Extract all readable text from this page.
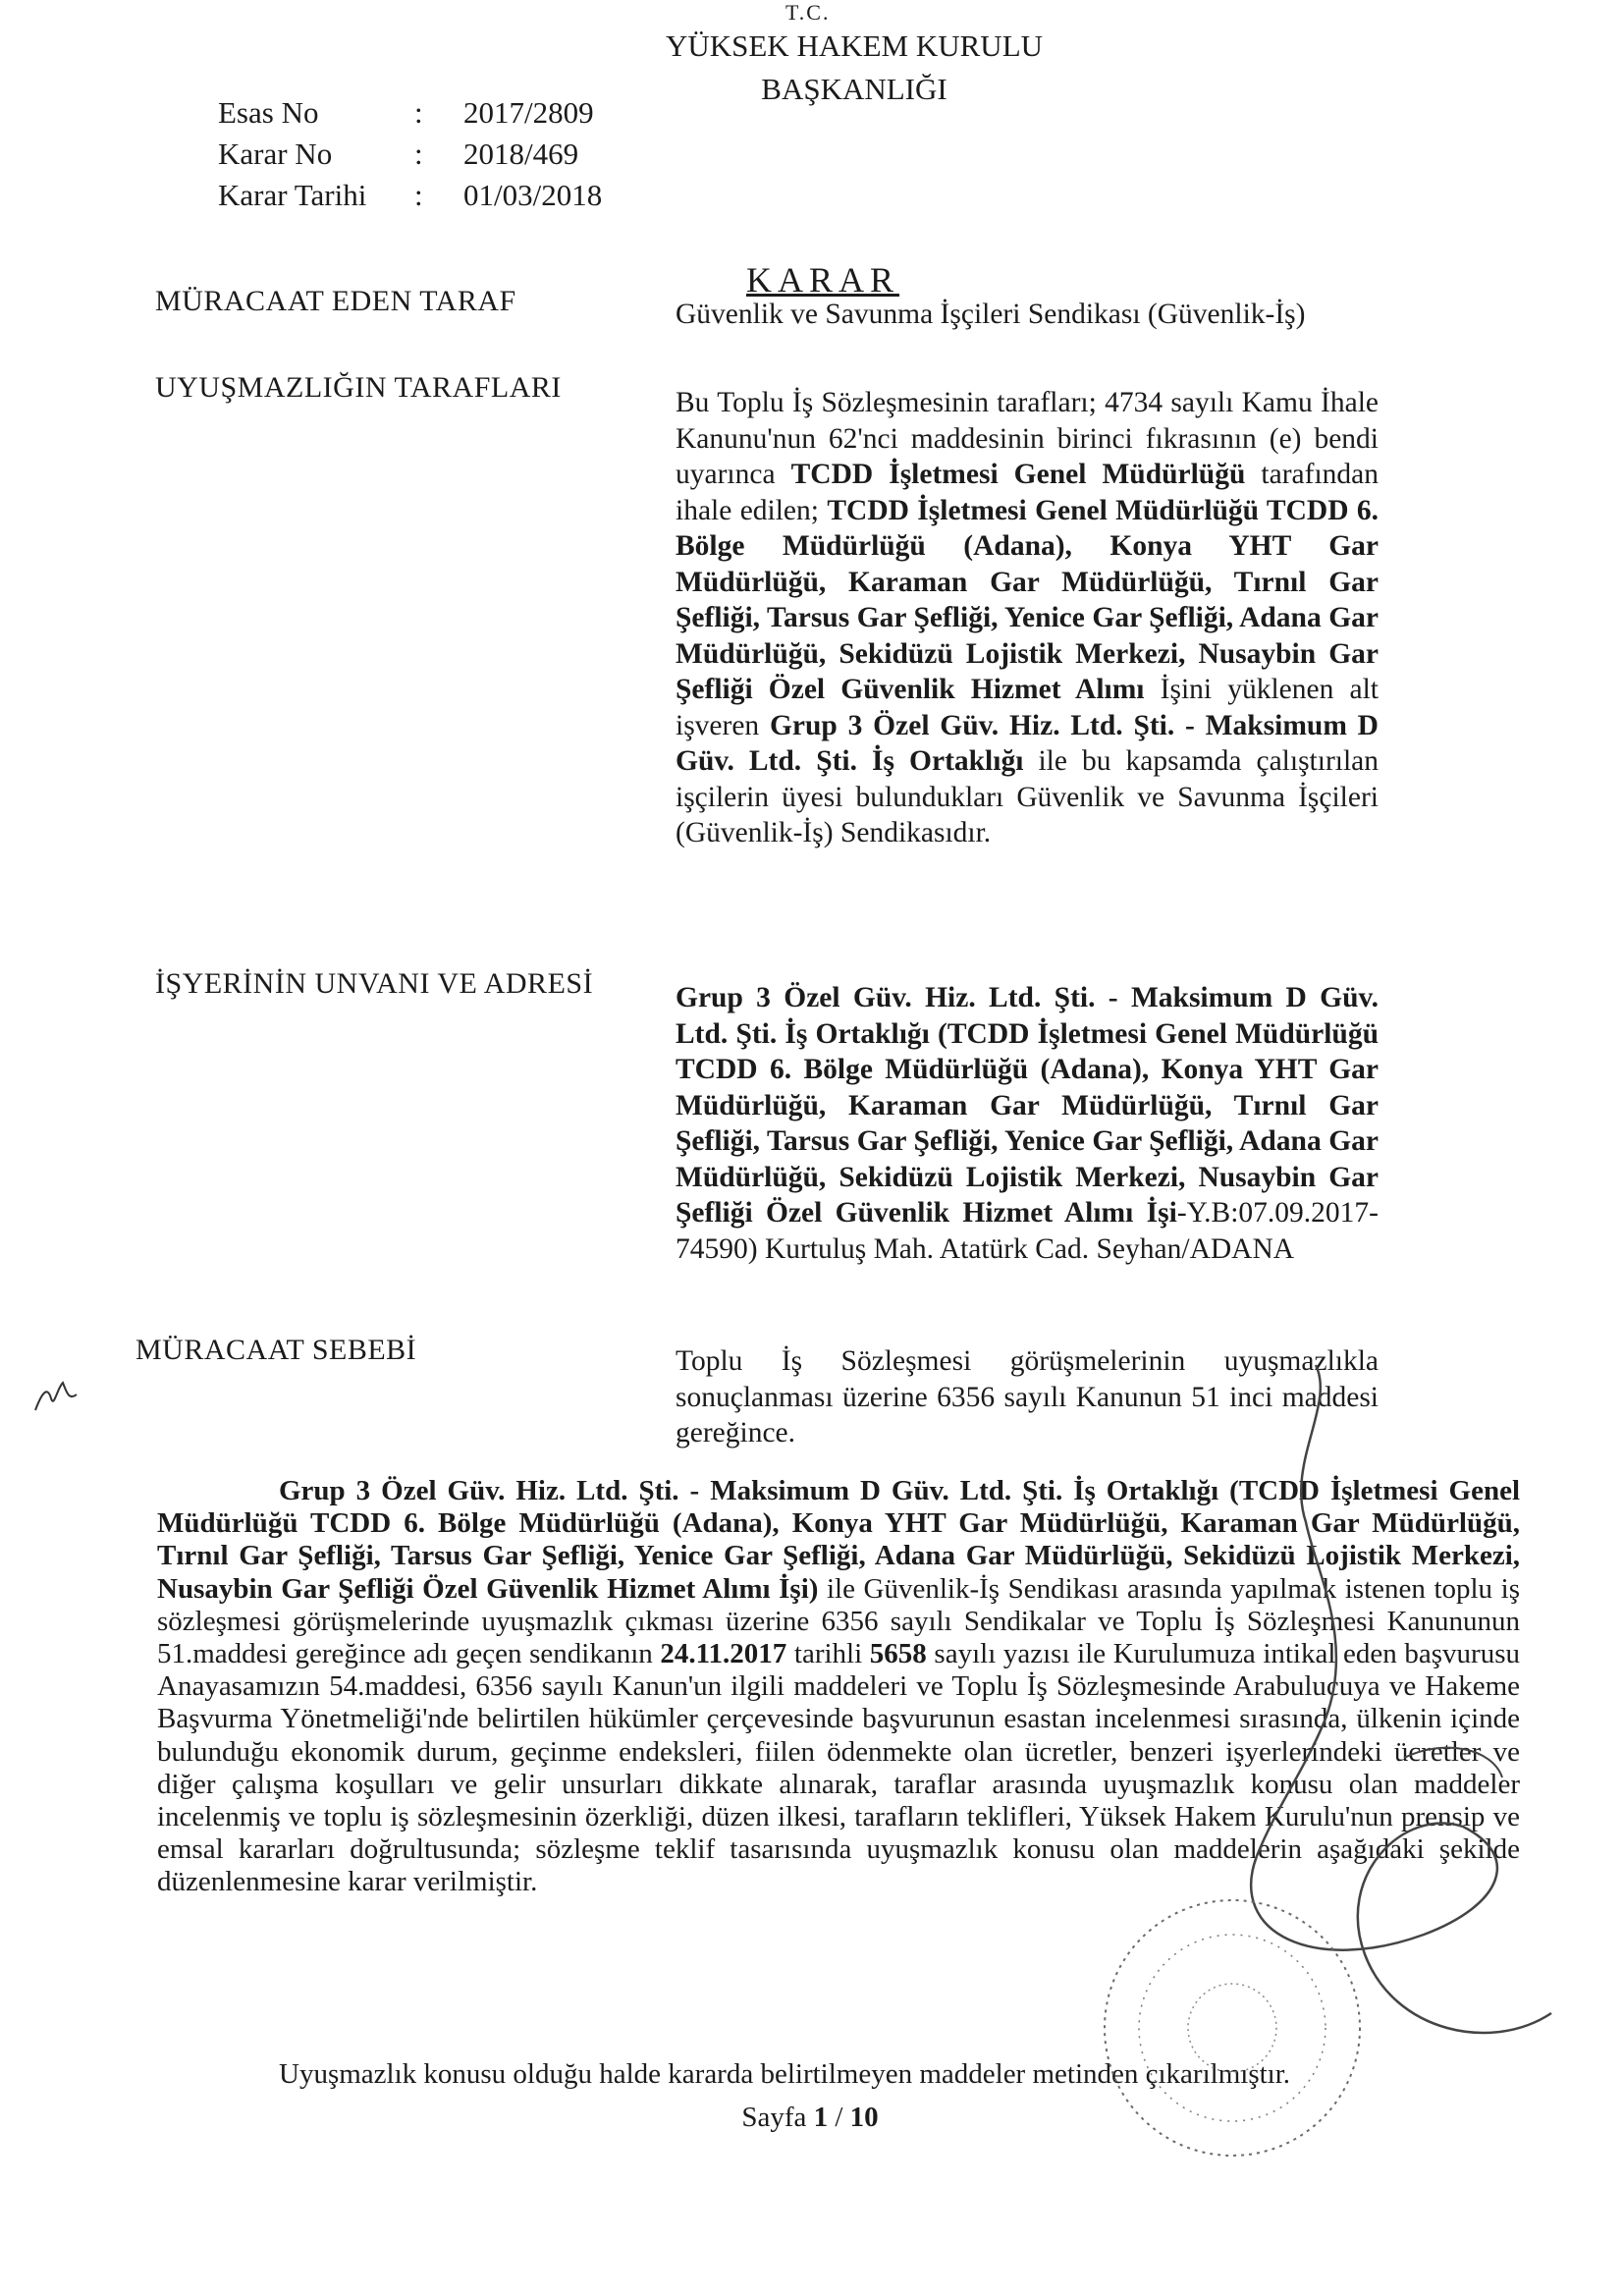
T.C.
YÜKSEK HAKEM KURULU
BAŞKANLIĞI
Esas No	:	2017/2809
Karar No	:	2018/469
Karar Tarihi	:	01/03/2018
KARAR
MÜRACAAT EDEN TARAF	Güvenlik ve Savunma İşçileri Sendikası (Güvenlik-İş)
UYUŞMAZLIĞIN TARAFLARI	Bu Toplu İş Sözleşmesinin tarafları; 4734 sayılı Kamu İhale Kanunu'nun 62'nci maddesinin birinci fıkrasının (e) bendi uyarınca TCDD İşletmesi Genel Müdürlüğü tarafından ihale edilen; TCDD İşletmesi Genel Müdürlüğü TCDD 6. Bölge Müdürlüğü (Adana), Konya YHT Gar Müdürlüğü, Karaman Gar Müdürlüğü, Tırnıl Gar Şefliği, Tarsus Gar Şefliği, Yenice Gar Şefliği, Adana Gar Müdürlüğü, Sekidüzü Lojistik Merkezi, Nusaybin Gar Şefliği Özel Güvenlik Hizmet Alımı İşini yüklenen alt işveren Grup 3 Özel Güv. Hiz. Ltd. Şti. - Maksimum D Güv. Ltd. Şti. İş Ortaklığı ile bu kapsamda çalıştırılan işçilerin üyesi bulundukları Güvenlik ve Savunma İşçileri (Güvenlik-İş) Sendikasıdır.
İŞYERİNİN UNVANI VE ADRESİ	Grup 3 Özel Güv. Hiz. Ltd. Şti. - Maksimum D Güv. Ltd. Şti. İş Ortaklığı (TCDD İşletmesi Genel Müdürlüğü TCDD 6. Bölge Müdürlüğü (Adana), Konya YHT Gar Müdürlüğü, Karaman Gar Müdürlüğü, Tırnıl Gar Şefliği, Tarsus Gar Şefliği, Yenice Gar Şefliği, Adana Gar Müdürlüğü, Sekidüzü Lojistik Merkezi, Nusaybin Gar Şefliği Özel Güvenlik Hizmet Alımı İşi-Y.B:07.09.2017-74590) Kurtuluş Mah. Atatürk Cad. Seyhan/ADANA
MÜRACAAT SEBEBİ	Toplu İş Sözleşmesi görüşmelerinin uyuşmazlıkla sonuçlanması üzerine 6356 sayılı Kanunun 51 inci maddesi gereğince.
Grup 3 Özel Güv. Hiz. Ltd. Şti. - Maksimum D Güv. Ltd. Şti. İş Ortaklığı (TCDD İşletmesi Genel Müdürlüğü TCDD 6. Bölge Müdürlüğü (Adana), Konya YHT Gar Müdürlüğü, Karaman Gar Müdürlüğü, Tırnıl Gar Şefliği, Tarsus Gar Şefliği, Yenice Gar Şefliği, Adana Gar Müdürlüğü, Sekidüzü Lojistik Merkezi, Nusaybin Gar Şefliği Özel Güvenlik Hizmet Alımı İşi) ile Güvenlik-İş Sendikası arasında yapılmak istenen toplu iş sözleşmesi görüşmelerinde uyuşmazlık çıkması üzerine 6356 sayılı Sendikalar ve Toplu İş Sözleşmesi Kanununun 51.maddesi gereğince adı geçen sendikanın 24.11.2017 tarihli 5658 sayılı yazısı ile Kurulumuza intikal eden başvurusu Anayasamızın 54.maddesi, 6356 sayılı Kanun'un ilgili maddeleri ve Toplu İş Sözleşmesinde Arabulucuya ve Hakeme Başvurma Yönetmeliği'nde belirtilen hükümler çerçevesinde başvurunun esastan incelenmesi sırasında, ülkenin içinde bulunduğu ekonomik durum, geçinme endeksleri, fiilen ödenmekte olan ücretler, benzeri işyerlerindeki ücretler ve diğer çalışma koşulları ve gelir unsurları dikkate alınarak, taraflar arasında uyuşmazlık konusu olan maddeler incelenmiş ve toplu iş sözleşmesinin özerkliği, düzen ilkesi, tarafların teklifleri, Yüksek Hakem Kurulu'nun prensip ve emsal kararları doğrultusunda; sözleşme teklif tasarısında uyuşmazlık konusu olan maddelerin aşağıdaki şekilde düzenlenmesine karar verilmiştir.
Uyuşmazlık konusu olduğu halde kararda belirtilmeyen maddeler metinden çıkarılmıştır.
Sayfa 1 / 10
